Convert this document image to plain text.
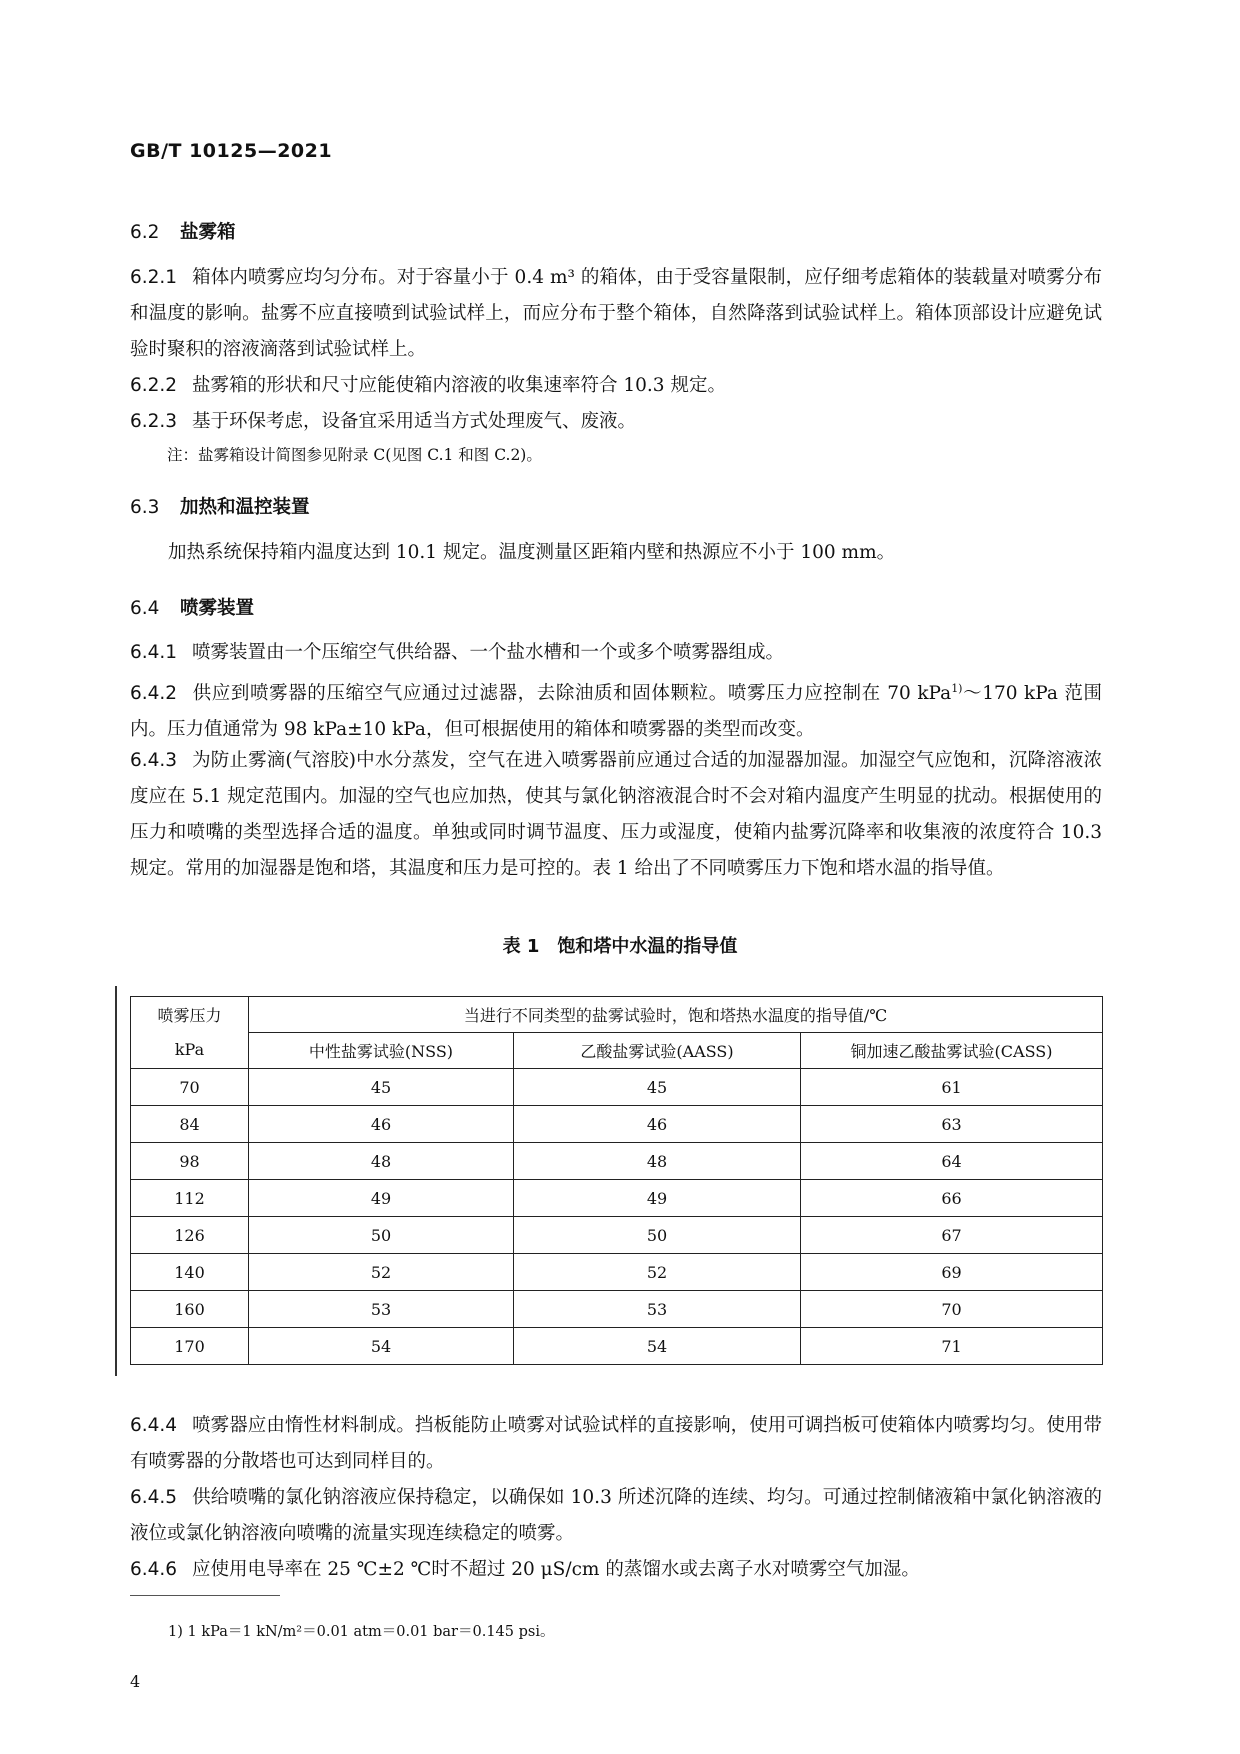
GB/T 10125—2021
6.2 盐雾箱
6.2.1 箱体内喷雾应均匀分布。对于容量小于 0.4 m³ 的箱体，由于受容量限制，应仔细考虑箱体的装载量对喷雾分布和温度的影响。盐雾不应直接喷到试验试样上，而应分布于整个箱体，自然降落到试验试样上。箱体顶部设计应避免试验时聚积的溶液滴落到试验试样上。
6.2.2 盐雾箱的形状和尺寸应能使箱内溶液的收集速率符合 10.3 规定。
6.2.3 基于环保考虑，设备宜采用适当方式处理废气、废液。
注：盐雾箱设计简图参见附录 C(见图 C.1 和图 C.2)。
6.3 加热和温控装置
加热系统保持箱内温度达到 10.1 规定。温度测量区距箱内壁和热源应不小于 100 mm。
6.4 喷雾装置
6.4.1 喷雾装置由一个压缩空气供给器、一个盐水槽和一个或多个喷雾器组成。
6.4.2 供应到喷雾器的压缩空气应通过过滤器，去除油质和固体颗粒。喷雾压力应控制在 70 kPa$^{1)}$～170 kPa 范围内。压力值通常为 98 kPa±10 kPa，但可根据使用的箱体和喷雾器的类型而改变。
6.4.3 为防止雾滴(气溶胶)中水分蒸发，空气在进入喷雾器前应通过合适的加湿器加湿。加湿空气应饱和，沉降溶液浓度应在 5.1 规定范围内。加湿的空气也应加热，使其与氯化钠溶液混合时不会对箱内温度产生明显的扰动。根据使用的压力和喷嘴的类型选择合适的温度。单独或同时调节温度、压力或湿度，使箱内盐雾沉降率和收集液的浓度符合 10.3 规定。常用的加湿器是饱和塔，其温度和压力是可控的。表 1 给出了不同喷雾压力下饱和塔水温的指导值。
表 1 饱和塔中水温的指导值
喷雾压力
kPa	当进行不同类型的盐雾试验时，饱和塔热水温度的指导值/℃		
	中性盐雾试验(NSS)	乙酸盐雾试验(AASS)	铜加速乙酸盐雾试验(CASS)
70	45	45	61
84	46	46	63
98	48	48	64
112	49	49	66
126	50	50	67
140	52	52	69
160	53	53	70
170	54	54	71
6.4.4 喷雾器应由惰性材料制成。挡板能防止喷雾对试验试样的直接影响，使用可调挡板可使箱体内喷雾均匀。使用带有喷雾器的分散塔也可达到同样目的。
6.4.5 供给喷嘴的氯化钠溶液应保持稳定，以确保如 10.3 所述沉降的连续、均匀。可通过控制储液箱中氯化钠溶液的液位或氯化钠溶液向喷嘴的流量实现连续稳定的喷雾。
6.4.6 应使用电导率在 25 ℃±2 ℃时不超过 20 μS/cm 的蒸馏水或去离子水对喷雾空气加湿。
1) 1 kPa＝1 kN/m²＝0.01 atm＝0.01 bar＝0.145 psi。
4
